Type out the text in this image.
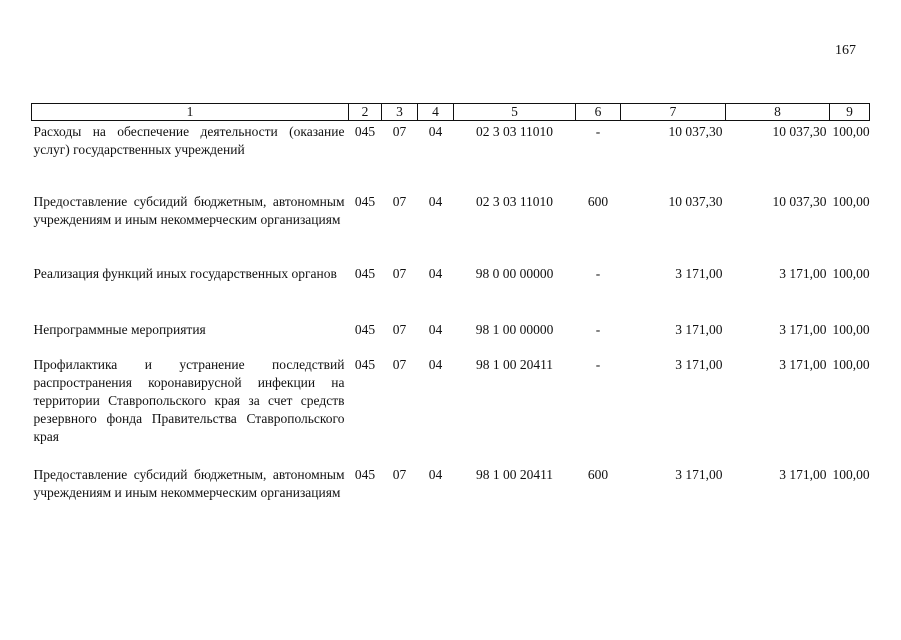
167
1	2	3	4	5	6	7	8	9
Расходы на обеспечение деятельности (оказание услуг) государственных учреждений	045	07	04	02 3 03 11010	-	10 037,30	10 037,30	100,00
Предоставление субсидий бюджетным, автономным учреждениям и иным некоммерческим организациям	045	07	04	02 3 03 11010	600	10 037,30	10 037,30	100,00
Реализация функций иных государственных органов	045	07	04	98 0 00 00000	-	3 171,00	3 171,00	100,00
Непрограммные мероприятия	045	07	04	98 1 00 00000	-	3 171,00	3 171,00	100,00
Профилактика и устранение последствий распространения коронавирусной инфекции на территории Ставропольского края за счет средств резервного фонда Правительства Ставропольского края	045	07	04	98 1 00 20411	-	3 171,00	3 171,00	100,00
Предоставление субсидий бюджетным, автономным учреждениям и иным некоммерческим организациям	045	07	04	98 1 00 20411	600	3 171,00	3 171,00	100,00
